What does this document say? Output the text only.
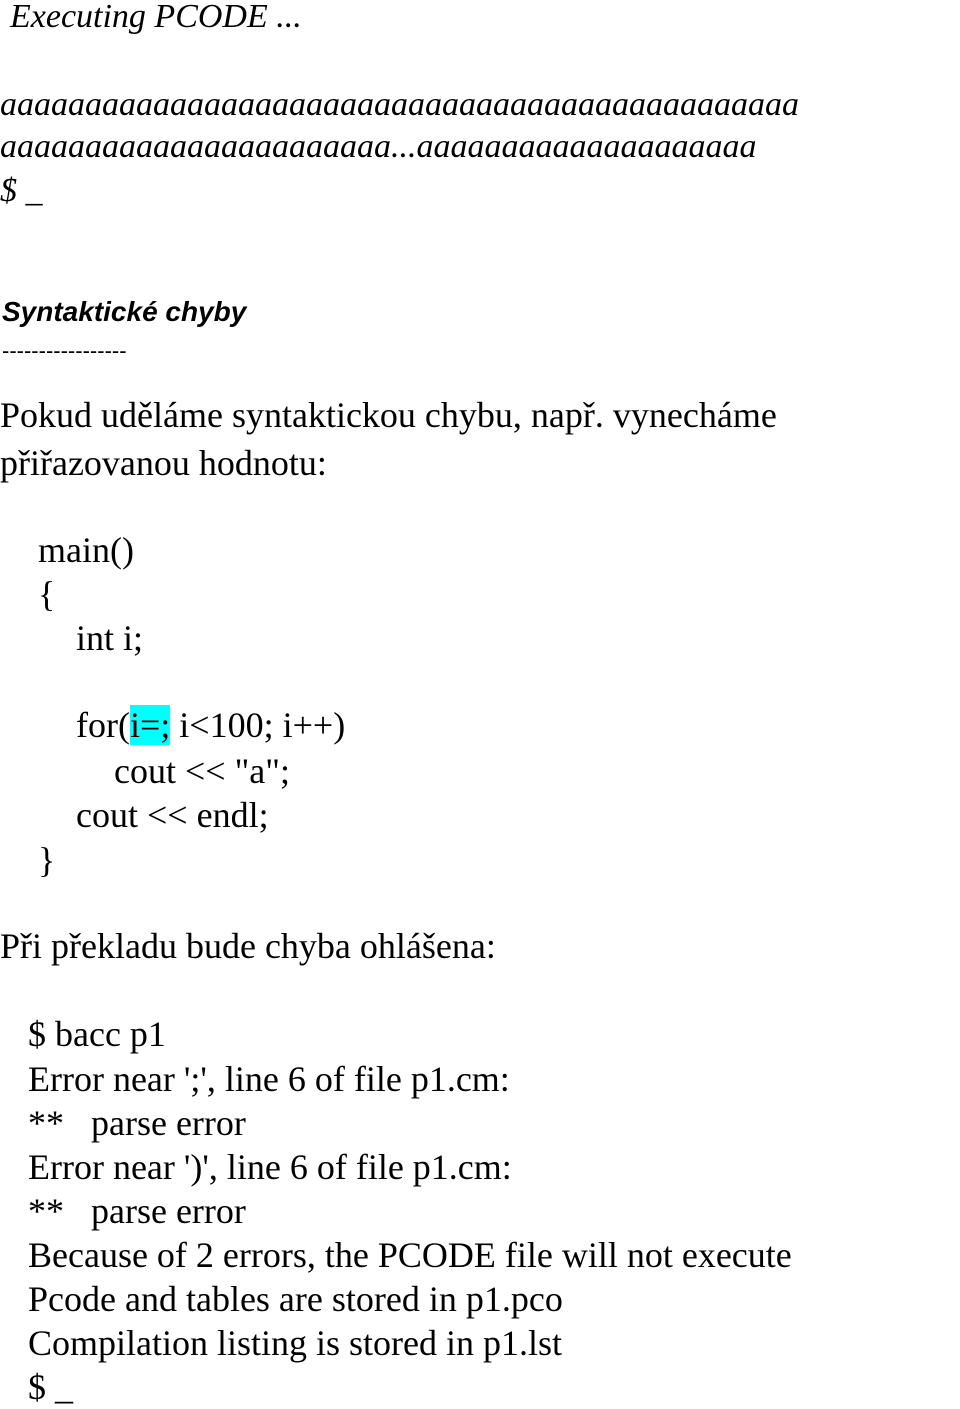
Executing PCODE ...
aaaaaaaaaaaaaaaaaaaaaaaaaaaaaaaaaaaaaaaaaaaaaaa
aaaaaaaaaaaaaaaaaaaaaaa...aaaaaaaaaaaaaaaaaaaa
$ _
Syntaktické chyby
-----------------
Pokud uděláme syntaktickou chybu, např. vynecháme
přiřazovanou hodnotu:
main()
{
int i;
for(i=; i<100; i++)
cout << "a";
cout << endl;
}
Při překladu bude chyba ohlášena:
$ bacc p1
Error near ';', line 6 of file p1.cm:
**   parse error
Error near ')', line 6 of file p1.cm:
**   parse error
Because of 2 errors, the PCODE file will not execute
Pcode and tables are stored in p1.pco
Compilation listing is stored in p1.lst
$ _
